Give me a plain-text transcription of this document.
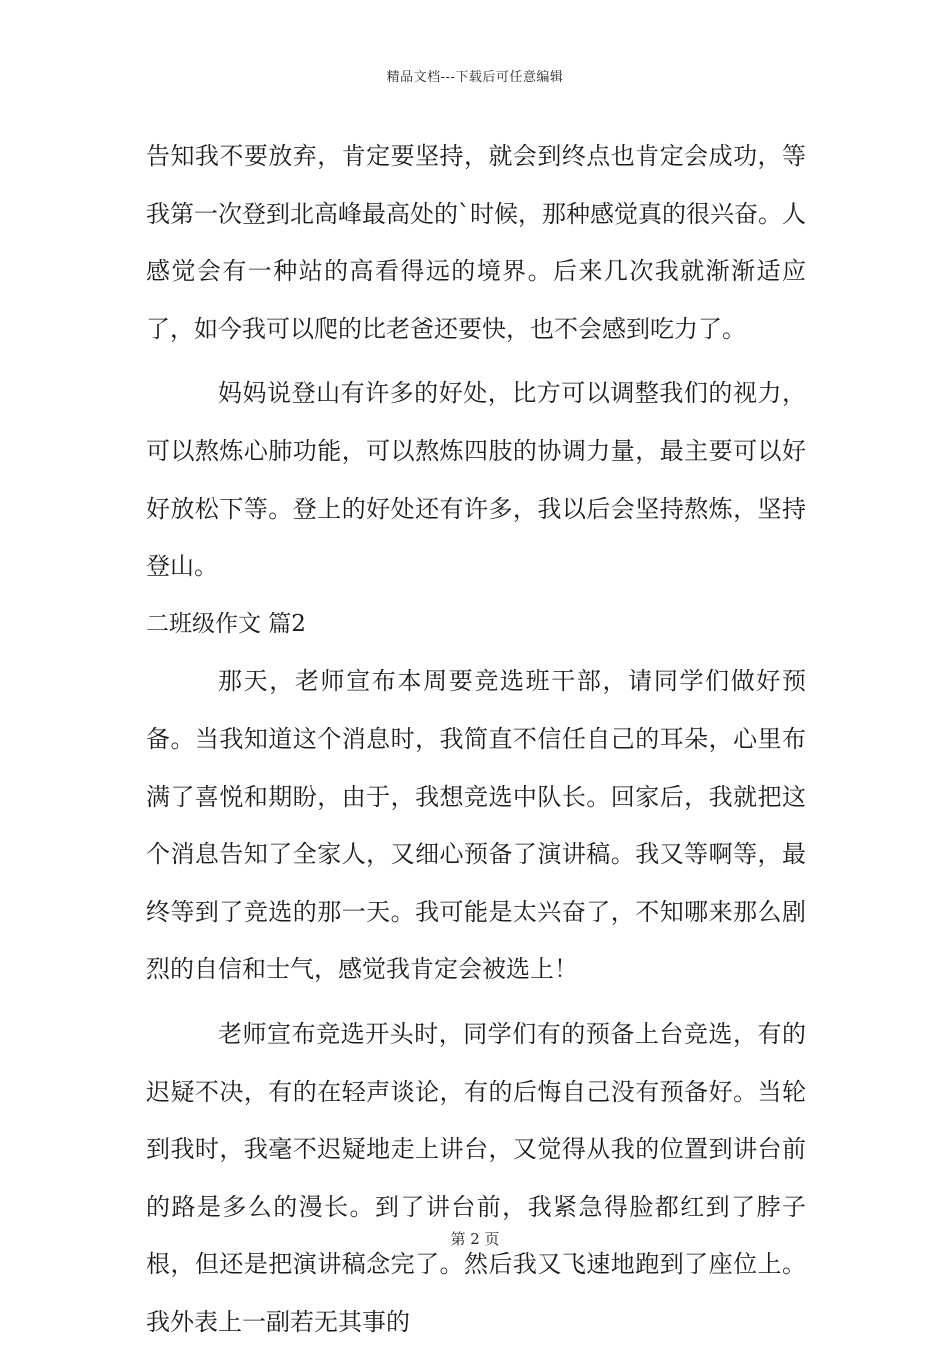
精品文档---下载后可任意编辑

告知我不要放弃，肯定要坚持，就会到终点也肯定会成功，等我第一次登到北高峰最高处的`时候，那种感觉真的很兴奋。人感觉会有一种站的高看得远的境界。后来几次我就渐渐适应了，如今我可以爬的比老爸还要快，也不会感到吃力了。

妈妈说登山有许多的好处，比方可以调整我们的视力，可以熬炼心肺功能，可以熬炼四肢的协调力量，最主要可以好好放松下等。登上的好处还有许多，我以后会坚持熬炼，坚持登山。

二班级作文 篇2

那天，老师宣布本周要竞选班干部，请同学们做好预备。当我知道这个消息时，我简直不信任自己的耳朵，心里布满了喜悦和期盼，由于，我想竞选中队长。回家后，我就把这个消息告知了全家人，又细心预备了演讲稿。我又等啊等，最终等到了竞选的那一天。我可能是太兴奋了，不知哪来那么剧烈的自信和士气，感觉我肯定会被选上！

老师宣布竞选开头时，同学们有的预备上台竞选，有的迟疑不决，有的在轻声谈论，有的后悔自己没有预备好。当轮到我时，我毫不迟疑地走上讲台，又觉得从我的位置到讲台前的路是多么的漫长。到了讲台前，我紧急得脸都红到了脖子根，但还是把演讲稿念完了。然后我又飞速地跑到了座位上。我外表上一副若无其事的

第 2 页
